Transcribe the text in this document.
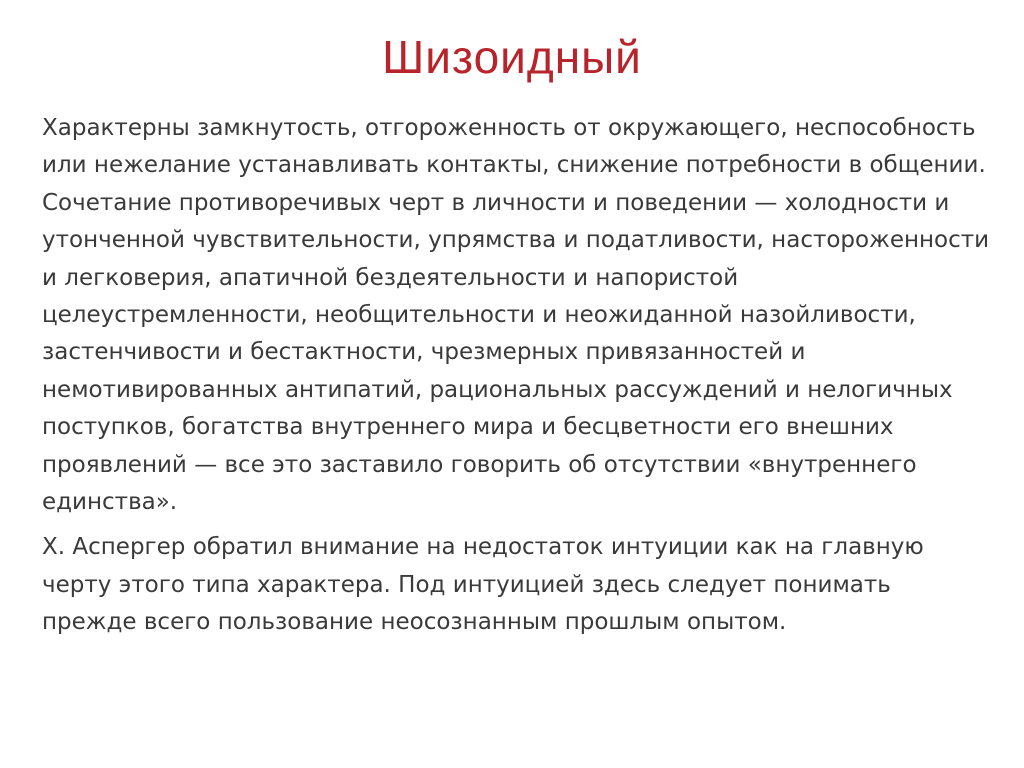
Шизоидный

Характерны замкнутость, отгороженность от окружающего, неспособность или нежелание устанавливать контакты, снижение потребности в общении. Сочетание противоречивых черт в личности и поведении — холодности и утонченной чувствительности, упрямства и податливости, настороженности и легковерия, апатичной бездеятельности и напористой целеустремленности, необщительности и неожиданной назойливости, застенчивости и бестактности, чрезмерных привязанностей и немотивированных антипатий, рациональных рассуждений и нелогичных поступков, богатства внутреннего мира и бесцветности его внешних проявлений — все это заставило говорить об отсутствии «внутреннего единства».

Х. Аспергер обратил внимание на недостаток интуиции как на главную черту этого типа характера. Под интуицией здесь следует понимать прежде всего пользование неосознанным прошлым опытом.
